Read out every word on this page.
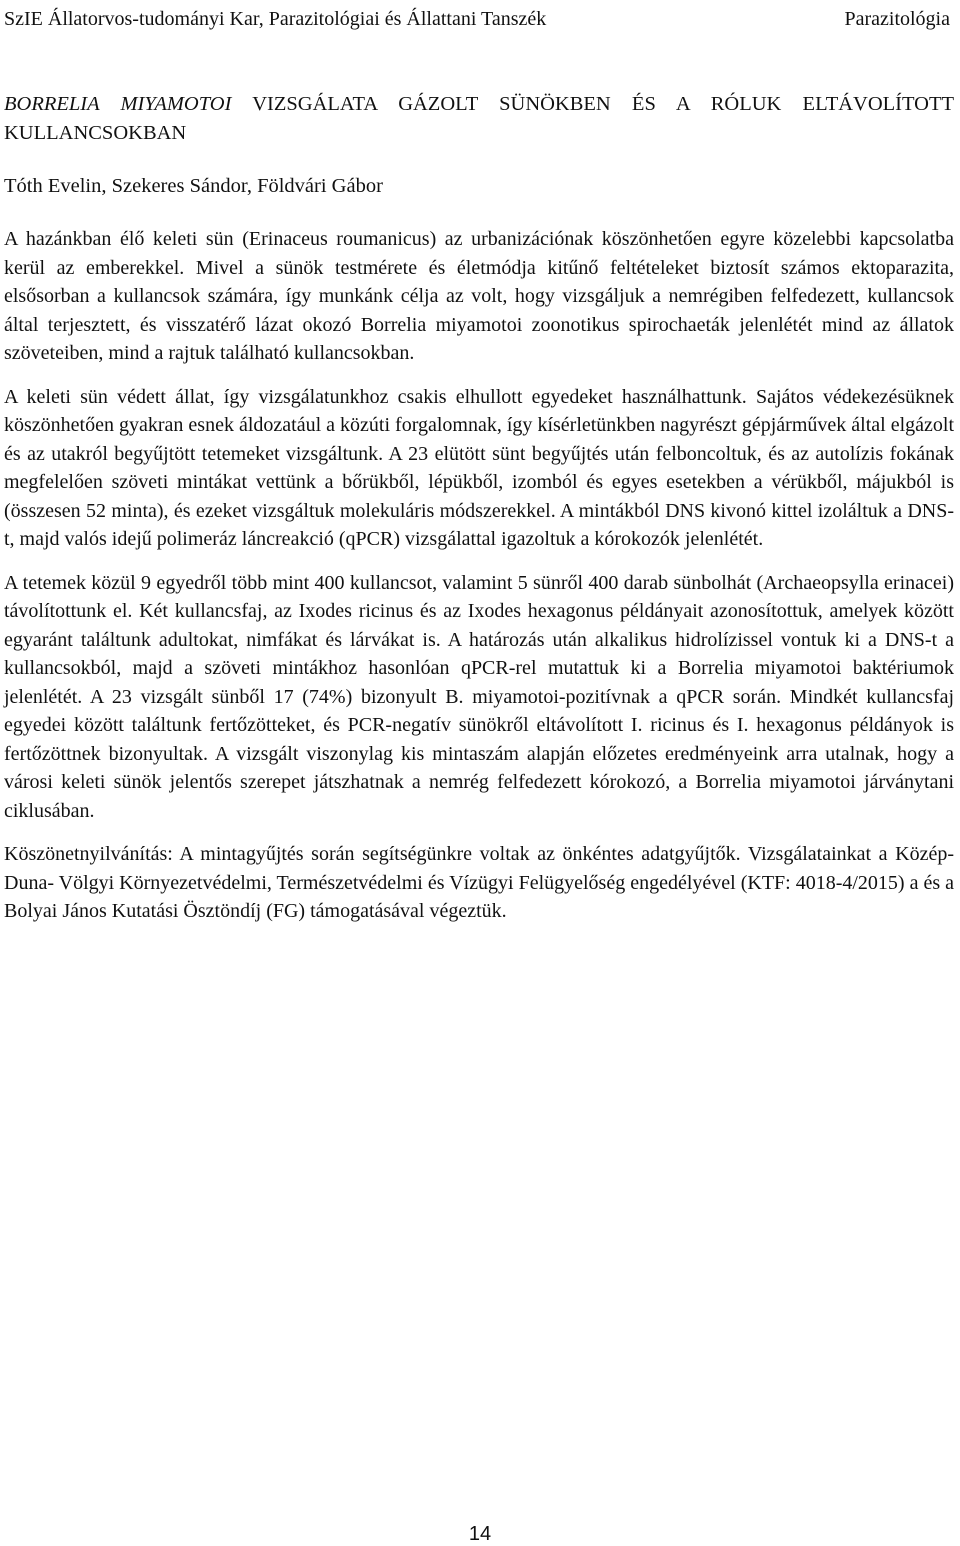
SzIE Állatorvos-tudományi Kar, Parazitológiai és Állattani Tanszék	Parazitológia
BORRELIA MIYAMOTOI VIZSGÁLATA GÁZOLT SÜNÖKBEN ÉS A RÓLUK ELTÁVOLÍTOTT KULLANCSOKBAN

Tóth Evelin, Szekeres Sándor, Földvári Gábor

A hazánkban élő keleti sün (Erinaceus roumanicus) az urbanizációnak köszönhetően egyre közelebbi kapcsolatba kerül az emberekkel. Mivel a sünök testmérete és életmódja kitűnő feltételeket biztosít számos ektoparazita, elsősorban a kullancsok számára, így munkánk célja az volt, hogy vizsgáljuk a nemrégiben felfedezett, kullancsok által terjesztett, és visszatérő lázat okozó Borrelia miyamotoi zoonotikus spirochaeták jelenlétét mind az állatok szöveteiben, mind a rajtuk található kullancsokban.

A keleti sün védett állat, így vizsgálatunkhoz csakis elhullott egyedeket használhattunk. Sajátos védekezésüknek köszönhetően gyakran esnek áldozatául a közúti forgalomnak, így kísérletünkben nagyrészt gépjárművek által elgázolt és az utakról begyűjtött tetemeket vizsgáltunk. A 23 elütött sünt begyűjtés után felboncoltuk, és az autolízis fokának megfelelően szöveti mintákat vettünk a bőrükből, lépükből, izomból és egyes esetekben a vérükből, májukból is (összesen 52 minta), és ezeket vizsgáltuk molekuláris módszerekkel. A mintákból DNS kivonó kittel izoláltuk a DNS-t, majd valós idejű polimeráz láncreakció (qPCR) vizsgálattal igazoltuk a kórokozók jelenlétét.

A tetemek közül 9 egyedről több mint 400 kullancsot, valamint 5 sünről 400 darab sünbolhát (Archaeopsylla erinacei) távolítottunk el. Két kullancsfaj, az Ixodes ricinus és az Ixodes hexagonus példányait azonosítottuk, amelyek között egyaránt találtunk adultokat, nimfákat és lárvákat is. A határozás után alkalikus hidrolízissel vontuk ki a DNS-t a kullancsokból, majd a szöveti mintákhoz hasonlóan qPCR-rel mutattuk ki a Borrelia miyamotoi baktériumok jelenlétét. A 23 vizsgált sünből 17 (74%) bizonyult B. miyamotoi-pozitívnak a qPCR során. Mindkét kullancsfaj egyedei között találtunk fertőzötteket, és PCR-negatív sünökről eltávolított I. ricinus és I. hexagonus példányok is fertőzöttnek bizonyultak. A vizsgált viszonylag kis mintaszám alapján előzetes eredményeink arra utalnak, hogy a városi keleti sünök jelentős szerepet játszhatnak a nemrég felfedezett kórokozó, a Borrelia miyamotoi járványtani ciklusában.

Köszönetnyilvánítás: A mintagyűjtés során segítségünkre voltak az önkéntes adatgyűjtők. Vizsgálatainkat a Közép- Duna- Völgyi Környezetvédelmi, Természetvédelmi és Vízügyi Felügyelőség engedélyével (KTF: 4018-4/2015) a és a Bolyai János Kutatási Ösztöndíj (FG) támogatásával végeztük.

14
